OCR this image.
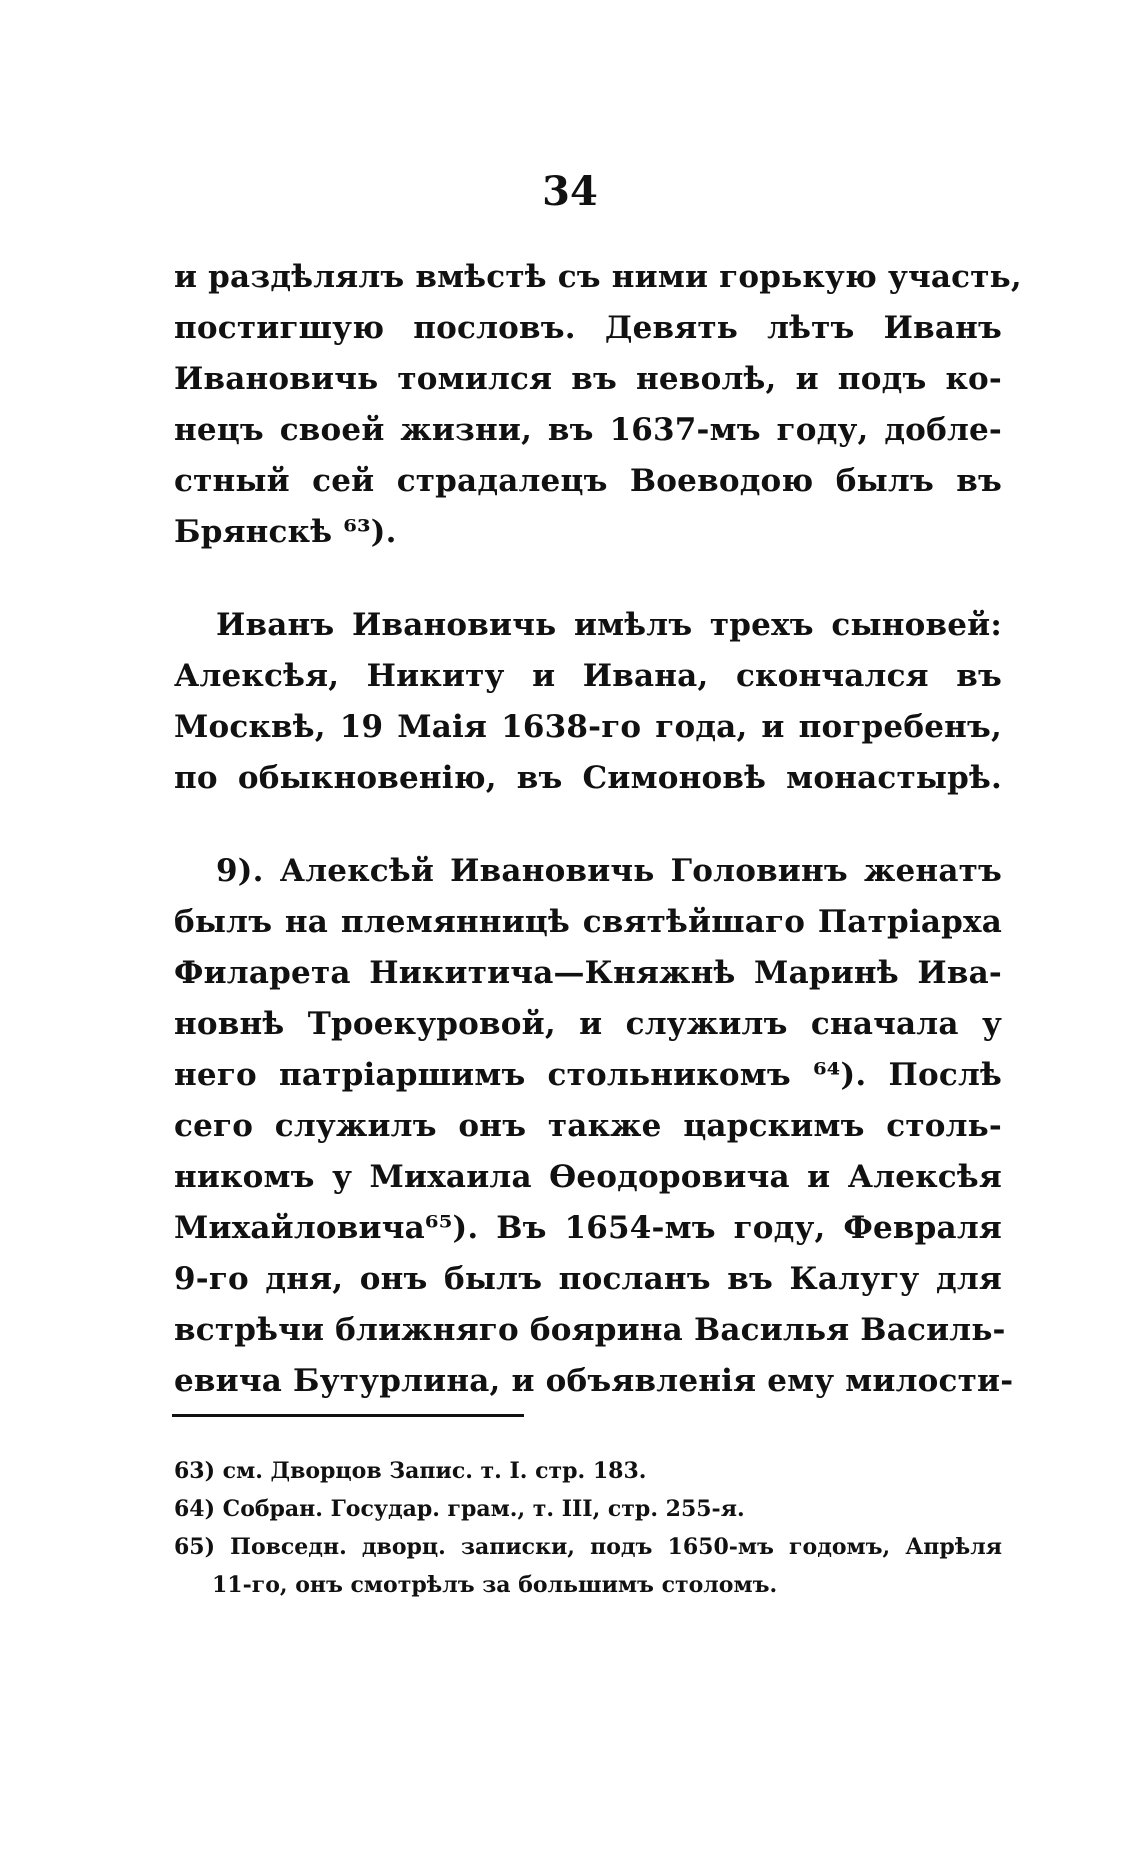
34
и раздѣлялъ вмѣстѣ съ ними горькую участь,
постигшую пословъ. Девять лѣтъ Иванъ
Ивановичь томился въ неволѣ, и подъ ко-
нецъ своей жизни, въ 1637-мъ году, добле-
стный сей страдалецъ Воеводою былъ въ
Брянскѣ ⁶³).
Иванъ Ивановичь имѣлъ трехъ сыновей:
Алексѣя, Никиту и Ивана, скончался въ
Москвѣ, 19 Маія 1638-го года, и погребенъ,
по обыкновенію, въ Симоновѣ монастырѣ.
9). Алексѣй Ивановичь Головинъ женатъ
былъ на племянницѣ святѣйшаго Патріарха
Филарета Никитича—Княжнѣ Маринѣ Ива-
новнѣ Троекуровой, и служилъ сначала у
него патріаршимъ стольникомъ ⁶⁴). Послѣ
сего служилъ онъ также царскимъ столь-
никомъ у Михаила Ѳеодоровича и Алексѣя
Михайловича⁶⁵). Въ 1654-мъ году, Февраля
9-го дня, онъ былъ посланъ въ Калугу для
встрѣчи ближняго боярина Василья Василь-
евича Бутурлина, и объявленія ему милости-
63) см. Дворцов Запис. т. I. стр. 183.
64) Собран. Государ. грам., т. III, стр. 255-я.
65) Повседн. дворц. записки, подъ 1650-мъ годомъ, Апрѣля
11-го, онъ смотрѣлъ за большимъ столомъ.
